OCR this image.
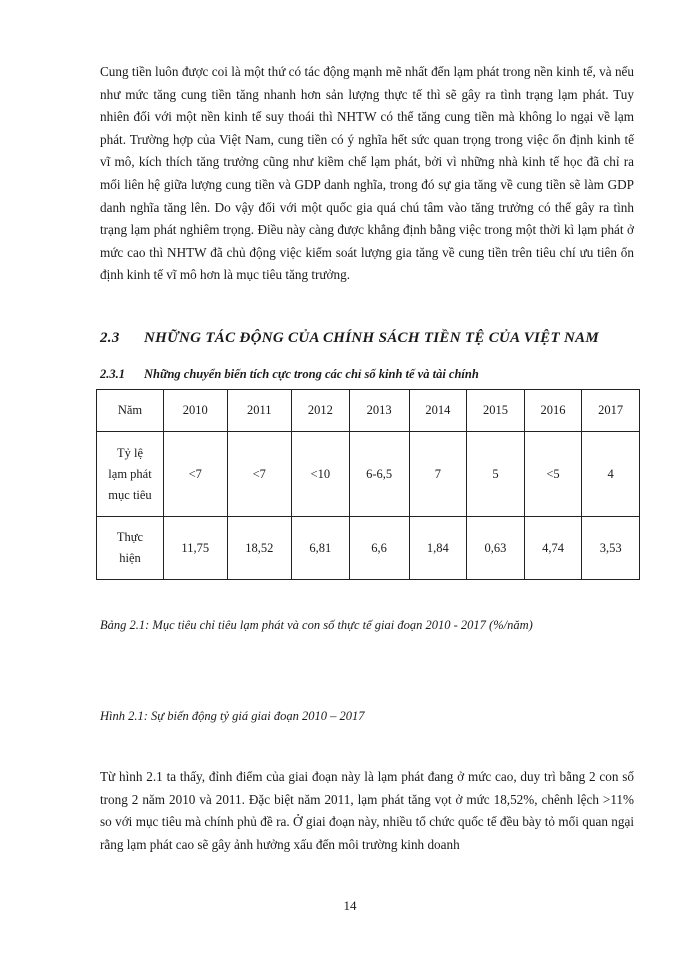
Cung tiền luôn được coi là một thứ có tác động mạnh mẽ nhất đến lạm phát trong nền kinh tế, và nếu như mức tăng cung tiền tăng nhanh hơn sản lượng thực tế thì sẽ gây ra tình trạng lạm phát. Tuy nhiên đối với một nền kinh tế suy thoái thì NHTW có thể tăng cung tiền mà không lo ngại về lạm phát. Trường hợp của Việt Nam, cung tiền có ý nghĩa hết sức quan trọng trong việc ổn định kinh tế vĩ mô, kích thích tăng trưởng cũng như kiềm chế lạm phát, bởi vì những nhà kinh tế học đã chỉ ra mối liên hệ giữa lượng cung tiền và GDP danh nghĩa, trong đó sự gia tăng về cung tiền sẽ làm GDP danh nghĩa tăng lên. Do vậy đối với một quốc gia quá chú tâm vào tăng trưởng có thể gây ra tình trạng lạm phát nghiêm trọng. Điều này càng được khẳng định bằng việc trong một thời kì lạm phát ở mức cao thì NHTW đã chủ động việc kiểm soát lượng gia tăng về cung tiền trên tiêu chí ưu tiên ổn định kinh tế vĩ mô hơn là mục tiêu tăng trưởng.

2.3 NHỮNG TÁC ĐỘNG CỦA CHÍNH SÁCH TIỀN TỆ CỦA VIỆT NAM
2.3.1 Những chuyển biến tích cực trong các chỉ số kinh tế và tài chính
Năm	2010	2011	2012	2013	2014	2015	2016	2017

Tỷ lệ
lạm phát
mục tiêu	<7	<7	<10	6-6,5	7	5	<5	4

Thực
hiện	11,75	18,52	6,81	6,6	1,84	0,63	4,74	3,53
Bảng 2.1: Mục tiêu chỉ tiêu lạm phát và con số thực tế giai đoạn 2010 - 2017 (%/năm)
Hình 2.1: Sự biến động tỷ giá giai đoạn 2010 – 2017

Từ hình 2.1 ta thấy, đỉnh điểm của giai đoạn này là lạm phát đang ở mức cao, duy trì bằng 2 con số trong 2 năm 2010 và 2011. Đặc biệt năm 2011, lạm phát tăng vọt ở mức 18,52%, chênh lệch >11% so với mục tiêu mà chính phủ đề ra. Ở giai đoạn này, nhiều tổ chức quốc tế đều bày tỏ mối quan ngại rằng lạm phát cao sẽ gây ảnh hưởng xấu đến môi trường kinh doanh

14
